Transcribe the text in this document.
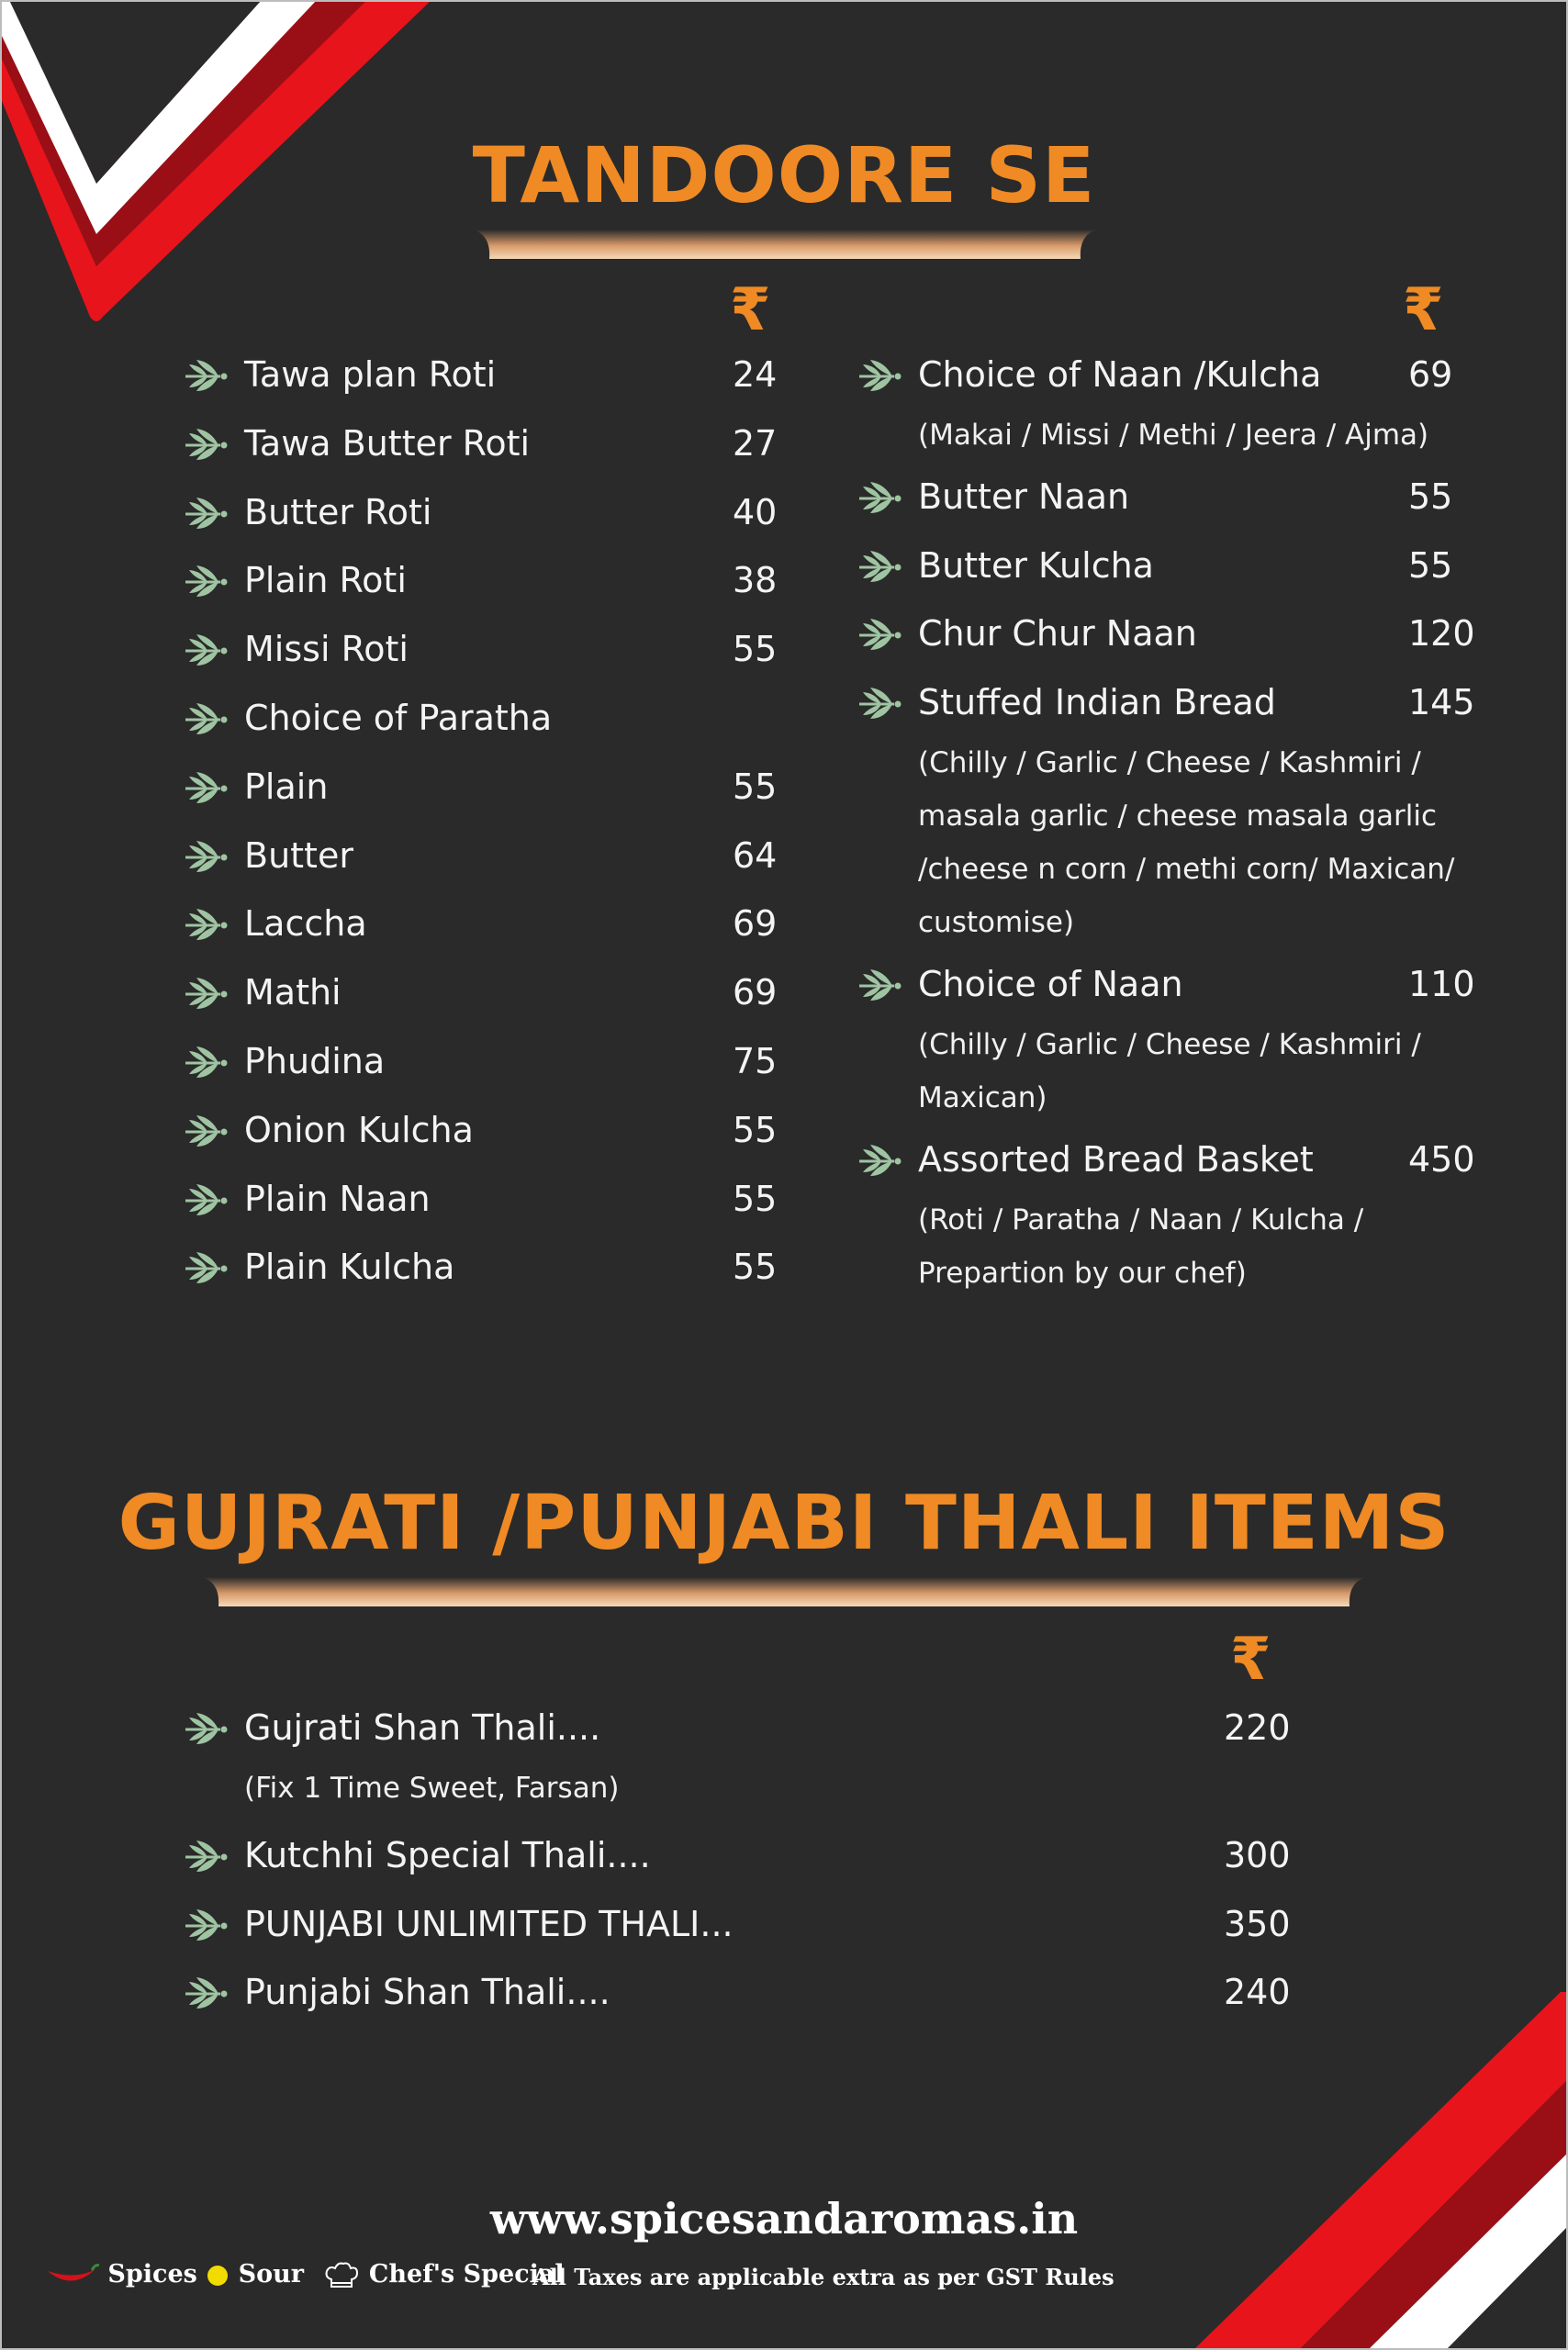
TANDOORE SE
₹	₹
Tawa plan Roti	24
Tawa Butter Roti	27
Butter Roti	40
Plain Roti	38
Missi Roti	55
Choice of Paratha
Plain	55
Butter	64
Laccha	69
Mathi	69
Phudina	75
Onion Kulcha	55
Plain Naan	55
Plain Kulcha	55
Choice of Naan /Kulcha 69
(Makai / Missi / Methi / Jeera / Ajma)
Butter Naan	55
Butter Kulcha	55
Chur Chur Naan	120
Stuffed Indian Bread	145
(Chilly / Garlic / Cheese / Kashmiri /
masala garlic / cheese masala garlic
/cheese n corn / methi corn/ Maxican/
customise)
Choice of Naan	110
(Chilly / Garlic / Cheese / Kashmiri /
Maxican)
Assorted Bread Basket	450
(Roti / Paratha / Naan / Kulcha /
Prepartion by our chef)
GUJRATI /PUNJABI THALI ITEMS
₹
Gujrati Shan Thali....	220
(Fix 1 Time Sweet, Farsan)
Kutchhi Special Thali....	300
PUNJABI UNLIMITED THALI...	350
Punjabi Shan Thali....	240
www.spicesandaromas.in
Spices Sour	Chef's Special
All Taxes are applicable extra as per GST Rules
